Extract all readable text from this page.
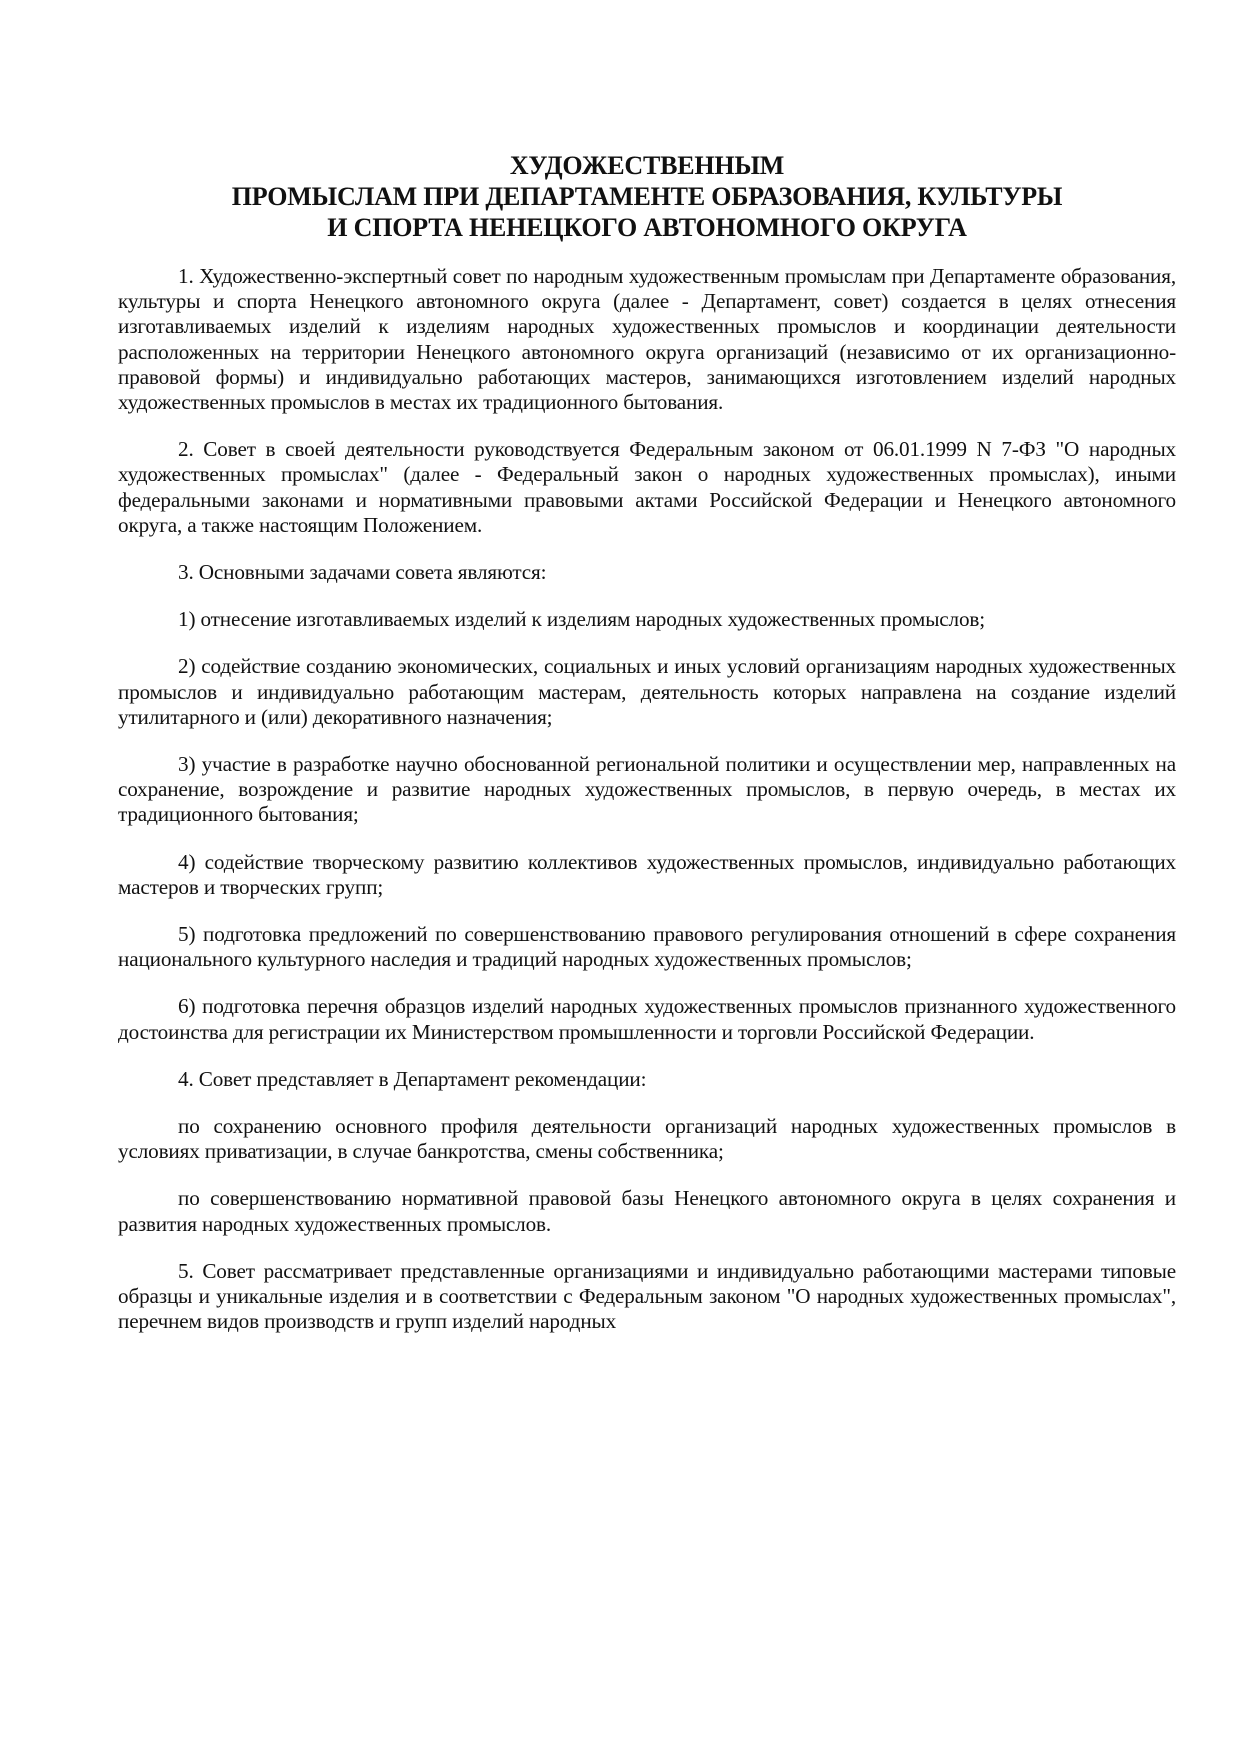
ХУДОЖЕСТВЕННЫМ
ПРОМЫСЛАМ ПРИ ДЕПАРТАМЕНТЕ ОБРАЗОВАНИЯ, КУЛЬТУРЫ
И СПОРТА НЕНЕЦКОГО АВТОНОМНОГО ОКРУГА

1. Художественно-экспертный совет по народным художественным промыслам при Департаменте образования, культуры и спорта Ненецкого автономного округа (далее - Департамент, совет) создается в целях отнесения изготавливаемых изделий к изделиям народных художественных промыслов и координации деятельности расположенных на территории Ненецкого автономного округа организаций (независимо от их организационно-правовой формы) и индивидуально работающих мастеров, занимающихся изготовлением изделий народных художественных промыслов в местах их традиционного бытования.

2. Совет в своей деятельности руководствуется Федеральным законом от 06.01.1999 N 7-ФЗ "О народных художественных промыслах" (далее - Федеральный закон о народных художественных промыслах), иными федеральными законами и нормативными правовыми актами Российской Федерации и Ненецкого автономного округа, а также настоящим Положением.

3. Основными задачами совета являются:

1) отнесение изготавливаемых изделий к изделиям народных художественных промыслов;

2) содействие созданию экономических, социальных и иных условий организациям народных художественных промыслов и индивидуально работающим мастерам, деятельность которых направлена на создание изделий утилитарного и (или) декоративного назначения;

3) участие в разработке научно обоснованной региональной политики и осуществлении мер, направленных на сохранение, возрождение и развитие народных художественных промыслов, в первую очередь, в местах их традиционного бытования;

4) содействие творческому развитию коллективов художественных промыслов, индивидуально работающих мастеров и творческих групп;

5) подготовка предложений по совершенствованию правового регулирования отношений в сфере сохранения национального культурного наследия и традиций народных художественных промыслов;

6) подготовка перечня образцов изделий народных художественных промыслов признанного художественного достоинства для регистрации их Министерством промышленности и торговли Российской Федерации.

4. Совет представляет в Департамент рекомендации:

по сохранению основного профиля деятельности организаций народных художественных промыслов в условиях приватизации, в случае банкротства, смены собственника;

по совершенствованию нормативной правовой базы Ненецкого автономного округа в целях сохранения и развития народных художественных промыслов.

5. Совет рассматривает представленные организациями и индивидуально работающими мастерами типовые образцы и уникальные изделия и в соответствии с Федеральным законом "О народных художественных промыслах", перечнем видов производств и групп изделий народных
